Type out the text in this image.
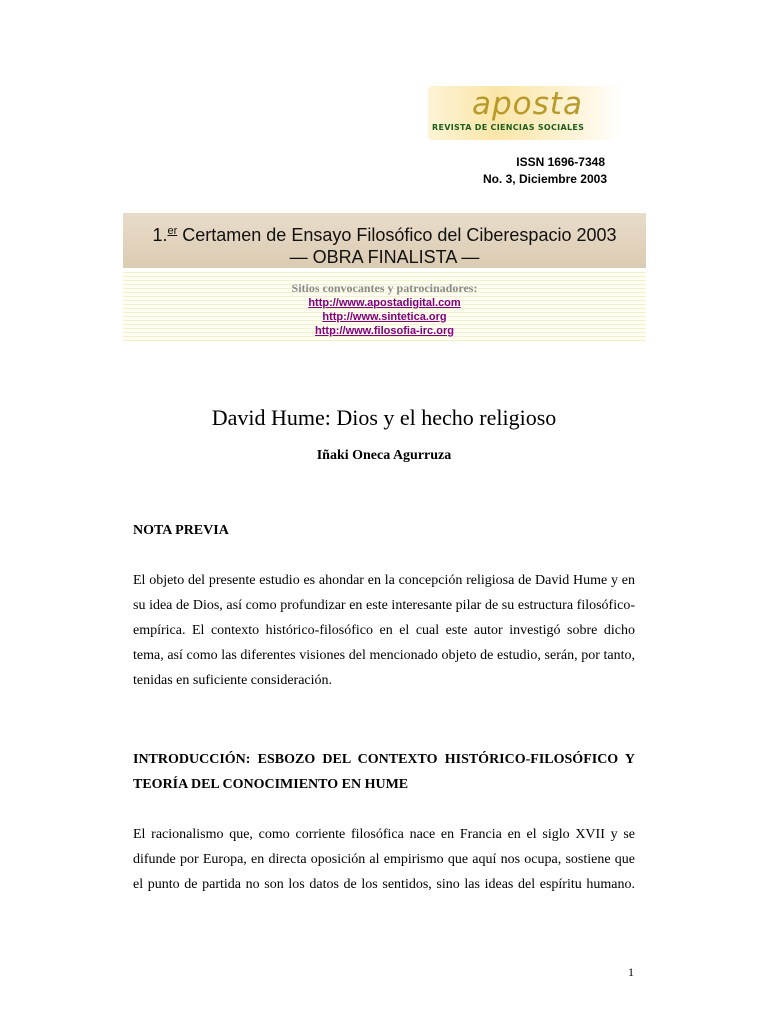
aposta
REVISTA DE CIENCIAS SOCIALES
ISSN 1696-7348
No. 3, Diciembre 2003
1.$^{er}$ Certamen de Ensayo Filosófico del Ciberespacio 2003
— OBRA FINALISTA —
Sitios convocantes y patrocinadores:
http://www.apostadigital.com
http://www.sintetica.org
http://www.filosofia-irc.org
David Hume: Dios y el hecho religioso
Iñaki Oneca Agurruza
NOTA PREVIA
El objeto del presente estudio es ahondar en la concepción religiosa de David Hume y en su idea de Dios, así como profundizar en este interesante pilar de su estructura filosófico-empírica. El contexto histórico-filosófico en el cual este autor investigó sobre dicho tema, así como las diferentes visiones del mencionado objeto de estudio, serán, por tanto, tenidas en suficiente consideración.
INTRODUCCIÓN: ESBOZO DEL CONTEXTO HISTÓRICO-FILOSÓFICO Y TEORÍA DEL CONOCIMIENTO EN HUME
El racionalismo que, como corriente filosófica nace en Francia en el siglo XVII y se difunde por Europa, en directa oposición al empirismo que aquí nos ocupa, sostiene que el punto de partida no son los datos de los sentidos, sino las ideas del espíritu humano.
1
